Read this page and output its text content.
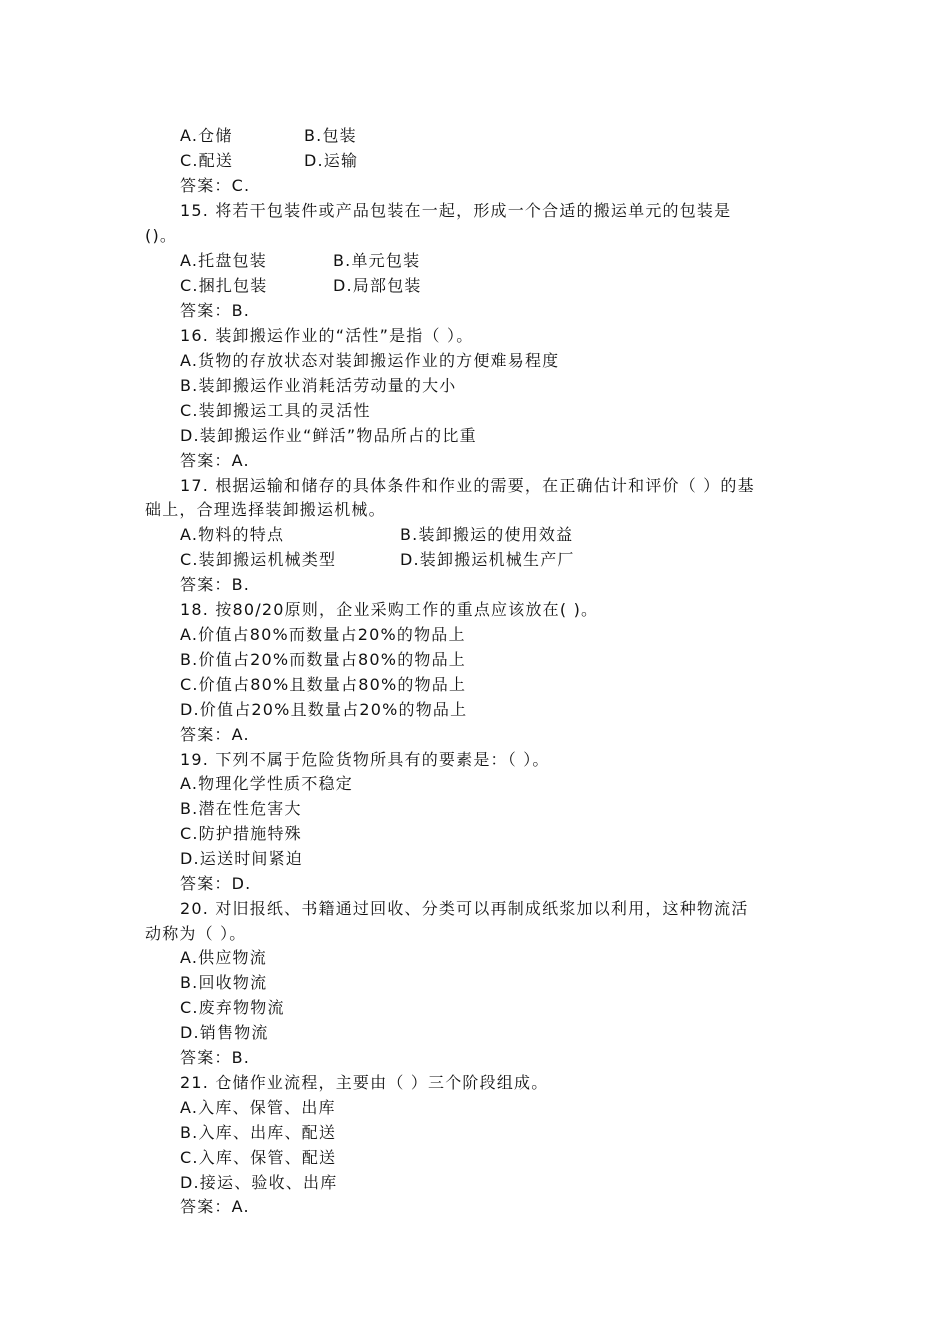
A.仓储	B.包装
C.配送	D.运输
答案：C.
15. 将若干包装件或产品包装在一起，形成一个合适的搬运单元的包装是
()。
A.托盘包装	B.单元包装
C.捆扎包装	D.局部包装
答案：B.
16. 装卸搬运作业的“活性”是指（ ）。
A.货物的存放状态对装卸搬运作业的方便难易程度
B.装卸搬运作业消耗活劳动量的大小
C.装卸搬运工具的灵活性
D.装卸搬运作业“鲜活”物品所占的比重
答案：A.
17. 根据运输和储存的具体条件和作业的需要，在正确估计和评价（ ）的基
础上，合理选择装卸搬运机械。
A.物料的特点	B.装卸搬运的使用效益
C.装卸搬运机械类型	D.装卸搬运机械生产厂
答案：B.
18. 按80/20原则，企业采购工作的重点应该放在( )。
A.价值占80%而数量占20%的物品上
B.价值占20%而数量占80%的物品上
C.价值占80%且数量占80%的物品上
D.价值占20%且数量占20%的物品上
答案：A.
19. 下列不属于危险货物所具有的要素是：（ ）。
A.物理化学性质不稳定
B.潜在性危害大
C.防护措施特殊
D.运送时间紧迫
答案：D.
20. 对旧报纸、书籍通过回收、分类可以再制成纸浆加以利用，这种物流活
动称为（ ）。
A.供应物流
B.回收物流
C.废弃物物流
D.销售物流
答案：B.
21. 仓储作业流程，主要由（ ）三个阶段组成。
A.入库、保管、出库
B.入库、出库、配送
C.入库、保管、配送
D.接运、验收、出库
答案：A.
